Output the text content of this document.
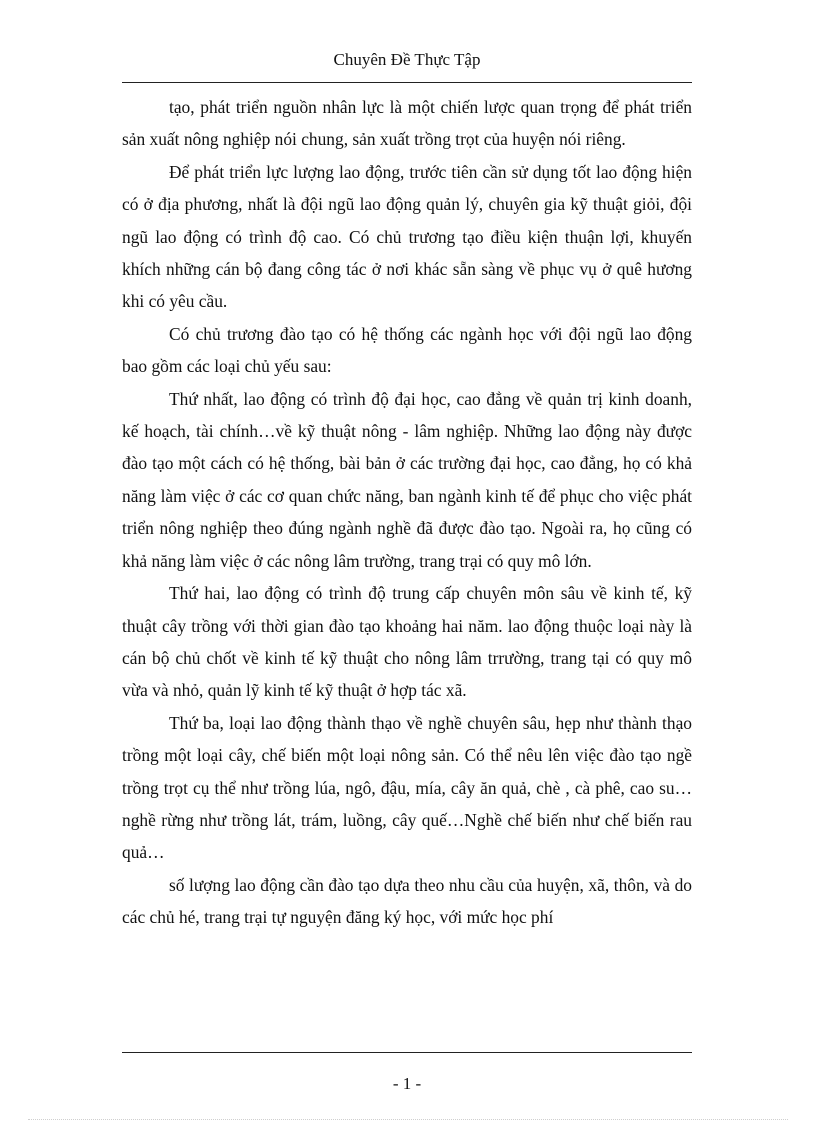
Chuyên Đề Thực Tập

tạo, phát triển nguồn nhân lực là một chiến lược quan trọng để phát triển sản xuất nông nghiệp nói chung, sản xuất trồng trọt của huyện nói riêng.

Để phát triển lực lượng lao động, trước tiên cần sử dụng tốt lao động hiện có ở địa phương, nhất là đội ngũ lao động quản lý, chuyên gia kỹ thuật giỏi, đội ngũ lao động có trình độ cao. Có chủ trương tạo điều kiện thuận lợi, khuyến khích những cán bộ đang công tác ở nơi khác sẵn sàng về phục vụ ở quê hương khi có yêu cầu.

Có chủ trương đào tạo có hệ thống các ngành học với đội ngũ lao động bao gồm các loại chủ yếu sau:

Thứ nhất, lao động có trình độ đại học, cao đẳng về quản trị kinh doanh, kế hoạch, tài chính…về kỹ thuật nông - lâm nghiệp. Những lao động này được đào tạo một cách có hệ thống, bài bản ở các trường đại học, cao đẳng, họ có khả năng làm việc ở các cơ quan chức năng, ban ngành kinh tế để phục cho việc phát triển nông nghiệp theo đúng ngành nghề đã được đào tạo. Ngoài ra, họ cũng có khả năng làm việc ở các nông lâm trường, trang trại có quy mô lớn.

Thứ hai, lao động có trình độ trung cấp chuyên môn sâu về kinh tế, kỹ thuật cây trồng với thời gian đào tạo khoảng hai năm. lao động thuộc loại này là cán bộ chủ chốt về kinh tế kỹ thuật cho nông lâm trrường, trang tại có quy mô vừa và nhỏ, quản lỹ kinh tế kỹ thuật ở hợp tác xã.

Thứ ba, loại lao động thành thạo về nghề chuyên sâu, hẹp như thành thạo trồng một loại cây, chế biến một loại nông sản. Có thể nêu lên việc đào tạo ngề trồng trọt cụ thể như trồng lúa, ngô, đậu, mía, cây ăn quả, chè , cà phê, cao su…nghề rừng như trồng lát, trám, luồng, cây quế…Nghề chế biến như chế biến rau quả…

số lượng lao động cần đào tạo dựa theo nhu cầu của huyện, xã, thôn, và do các chủ hé, trang trại tự nguyện đăng ký học, với mức học phí

- 1 -
